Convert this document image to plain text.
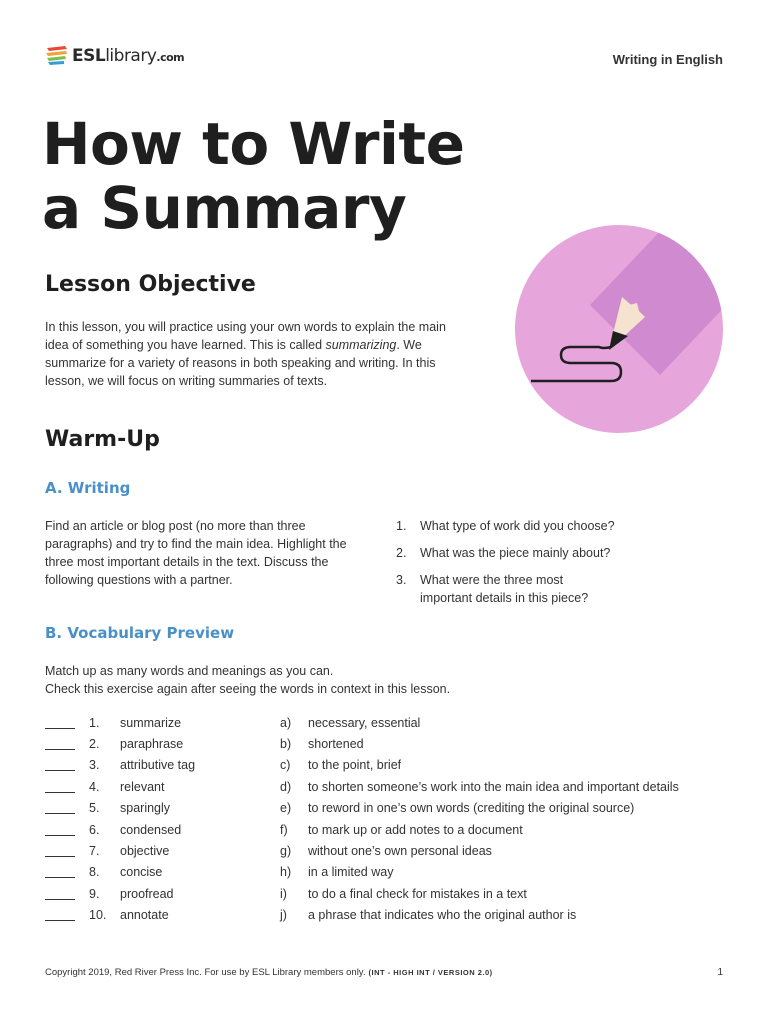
ESLlibrary.com	Writing in English
How to Write
a Summary
Lesson Objective

In this lesson, you will practice using your own words to explain the main idea of something you have learned. This is called summarizing. We summarize for a variety of reasons in both speaking and writing. In this lesson, we will focus on writing summaries of texts.

Warm-Up
A. Writing

Find an article or blog post (no more than three paragraphs) and try to find the main idea. Highlight the three most important details in the text. Discuss the following questions with a partner.

1.	What type of work did you choose?
2.	What was the piece mainly about?
3.	What were the three most important details in this piece?
B. Vocabulary Preview

Match up as many words and meanings as you can.
Check this exercise again after seeing the words in context in this lesson.

1.	summarize	a)	necessary, essential
2.	paraphrase	b)	shortened
3.	attributive tag	c)	to the point, brief
4.	relevant	d)	to shorten someone’s work into the main idea and important details
5.	sparingly	e)	to reword in one’s own words (crediting the original source)
6.	condensed	f)	to mark up or add notes to a document
7.	objective	g)	without one’s own personal ideas
8.	concise	h)	in a limited way
9.	proofread	i)	to do a final check for mistakes in a text
10.	annotate	j)	a phrase that indicates who the original author is
Copyright 2019, Red River Press Inc. For use by ESL Library members only. (INT - HIGH INT / VERSION 2.0)	1
